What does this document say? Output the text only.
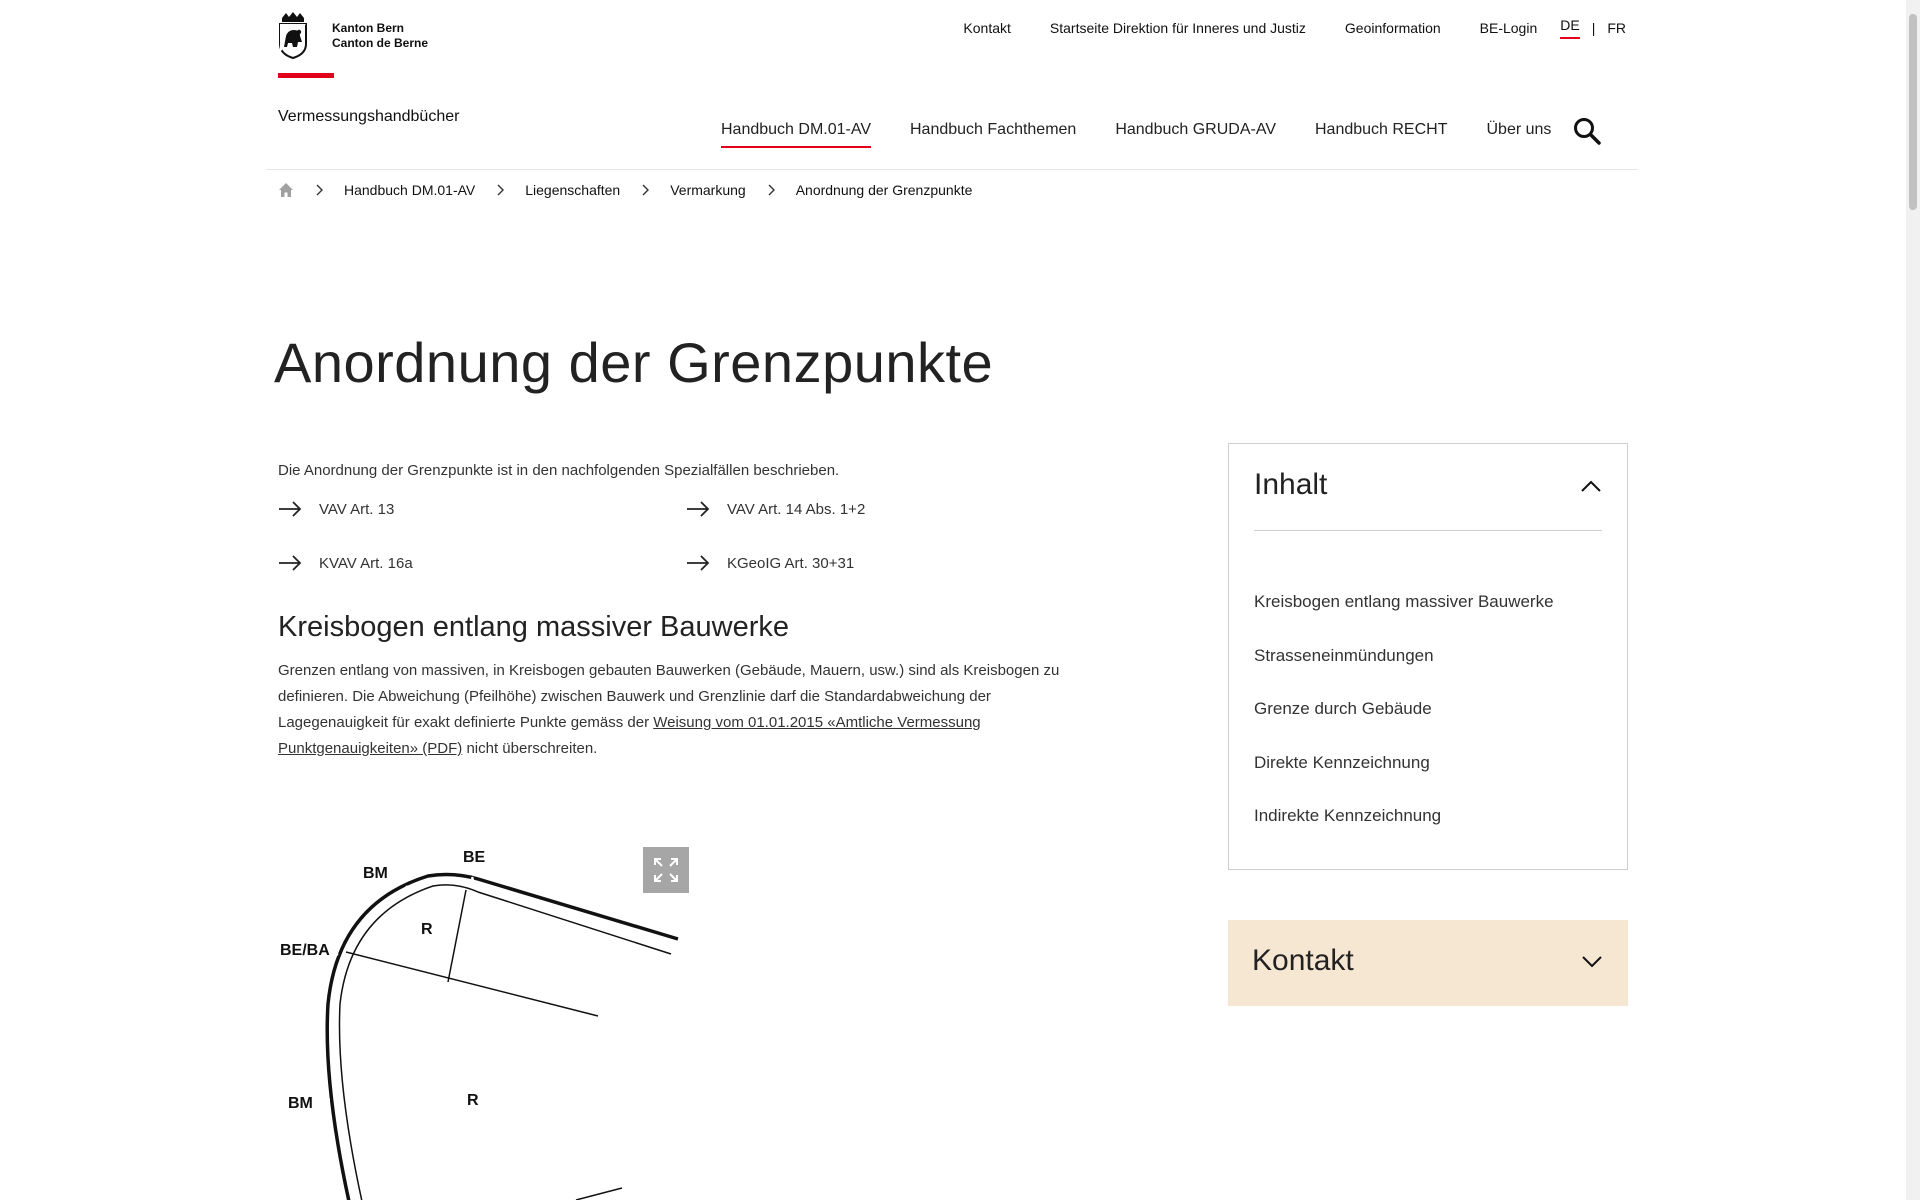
Kanton Bern
Canton de Berne
Kontakt	Startseite Direktion für Inneres und Justiz	Geoinformation	BE-Login DE | FR
Vermessungshandbücher
Handbuch DM.01-AV Handbuch Fachthemen Handbuch GRUDA-AV Handbuch RECHT Über uns
Handbuch DM.01-AV	Liegenschaften	Vermarkung	Anordnung der Grenzpunkte
Anordnung der Grenzpunkte

Die Anordnung der Grenzpunkte ist in den nachfolgenden Spezialfällen beschrieben.

VAV Art. 13	VAV Art. 14 Abs. 1+2
KVAV Art. 16a	KGeoIG Art. 30+31
Kreisbogen entlang massiver Bauwerke

Grenzen entlang von massiven, in Kreisbogen gebauten Bauwerken (Gebäude, Mauern, usw.) sind als Kreisbogen zu definieren. Die Abweichung (Pfeilhöhe) zwischen Bauwerk und Grenzlinie darf die Standardabweichung der Lagegenauigkeit für exakt definierte Punkte gemäss der Weisung vom 01.01.2015 «Amtliche Vermessung Punktgenauigkeiten» (PDF) nicht überschreiten.

BM
BE
R
BE/BA
BM	R
Inhalt
Kreisbogen entlang massiver Bauwerke
Strasseneinmündungen
Grenze durch Gebäude
Direkte Kennzeichnung
Indirekte Kennzeichnung
Kontakt
